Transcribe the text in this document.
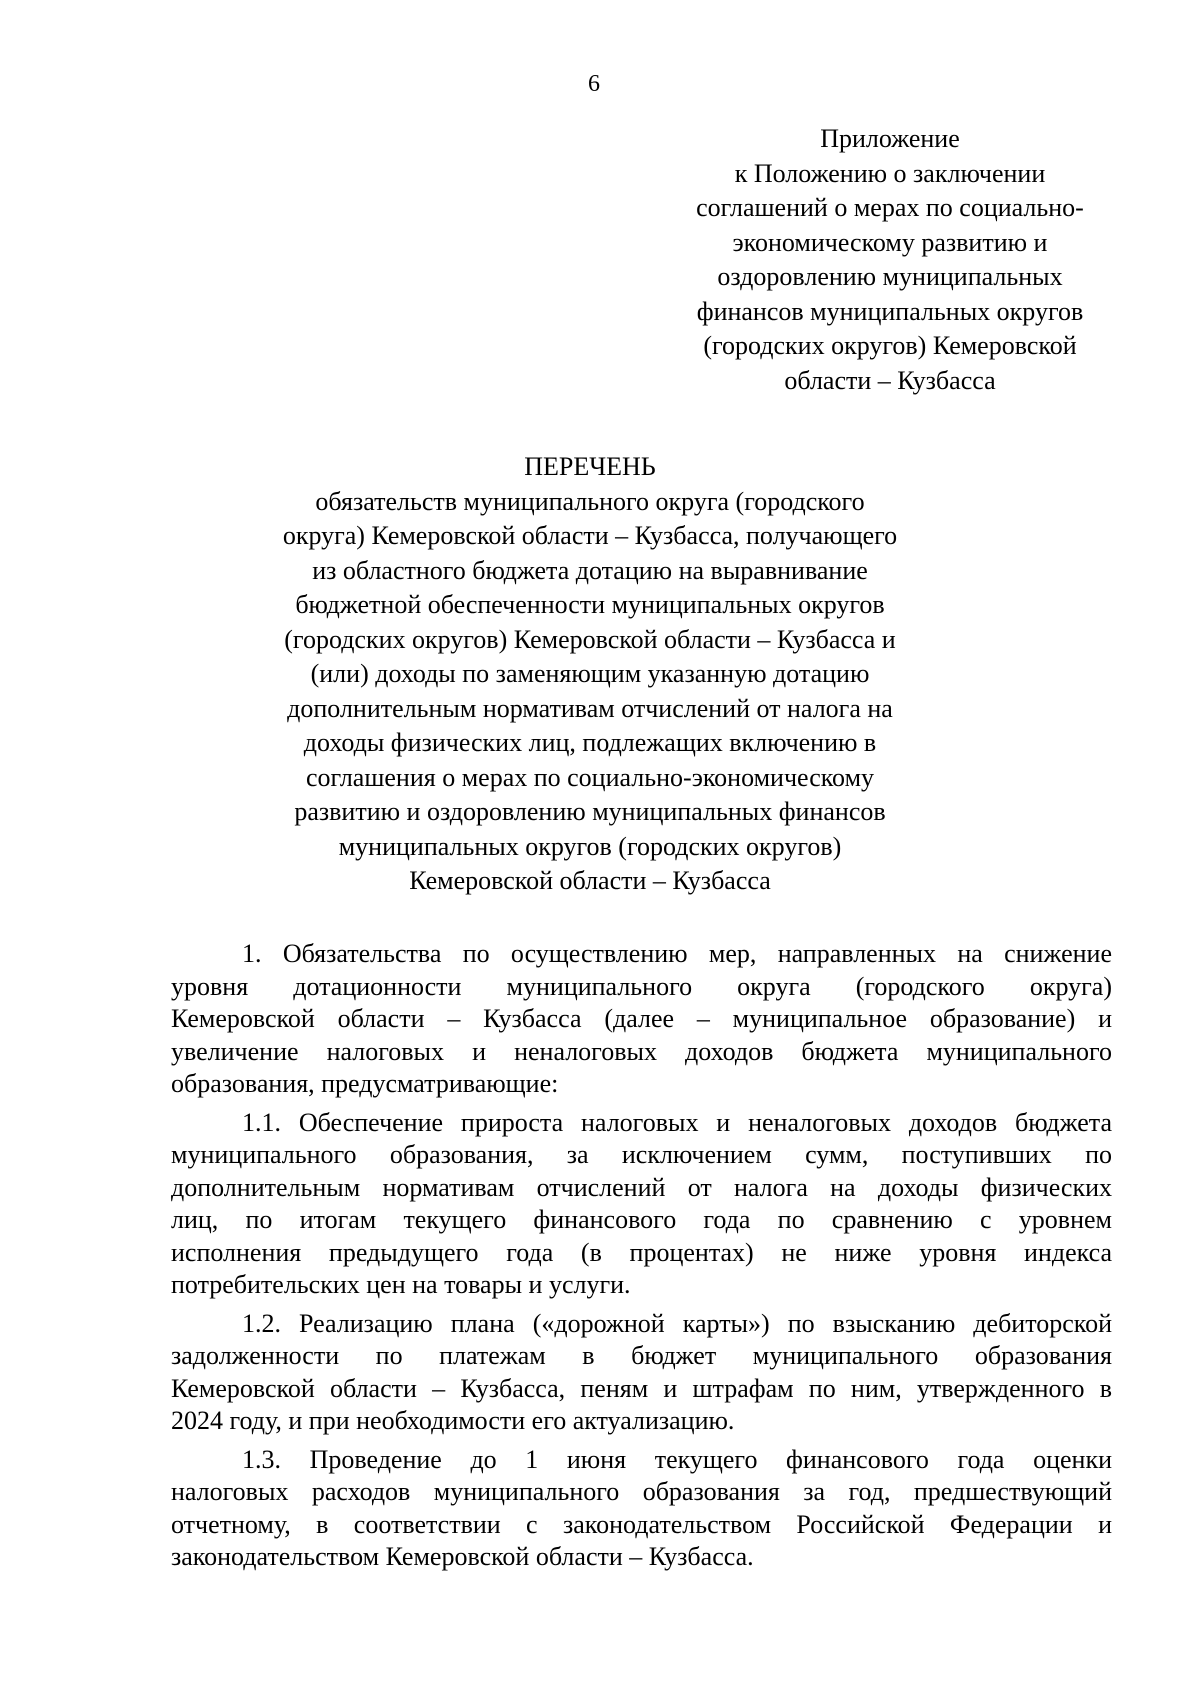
6
Приложение
к Положению о заключении
соглашений о мерах по социально-
экономическому развитию и
оздоровлению муниципальных
финансов муниципальных округов
(городских округов) Кемеровской
области – Кузбасса
ПЕРЕЧЕНЬ
обязательств муниципального округа (городского
округа) Кемеровской области – Кузбасса, получающего
из областного бюджета дотацию на выравнивание
бюджетной обеспеченности муниципальных округов
(городских округов) Кемеровской области – Кузбасса и
(или) доходы по заменяющим указанную дотацию
дополнительным нормативам отчислений от налога на
доходы физических лиц, подлежащих включению в
соглашения о мерах по социально-экономическому
развитию и оздоровлению муниципальных финансов
муниципальных округов (городских округов)
Кемеровской области – Кузбасса
1. Обязательства по осуществлению мер, направленных на снижение
уровня дотационности муниципального округа (городского округа)
Кемеровской области – Кузбасса (далее – муниципальное образование) и
увеличение налоговых и неналоговых доходов бюджета муниципального
образования, предусматривающие:
1.1. Обеспечение прироста налоговых и неналоговых доходов бюджета
муниципального образования, за исключением сумм, поступивших по
дополнительным нормативам отчислений от налога на доходы физических
лиц, по итогам текущего финансового года по сравнению с уровнем
исполнения предыдущего года (в процентах) не ниже уровня индекса
потребительских цен на товары и услуги.
1.2. Реализацию плана («дорожной карты») по взысканию дебиторской
задолженности по платежам в бюджет муниципального образования
Кемеровской области – Кузбасса, пеням и штрафам по ним, утвержденного в
2024 году, и при необходимости его актуализацию.
1.3. Проведение до 1 июня текущего финансового года оценки
налоговых расходов муниципального образования за год, предшествующий
отчетному, в соответствии с законодательством Российской Федерации и
законодательством Кемеровской области – Кузбасса.
